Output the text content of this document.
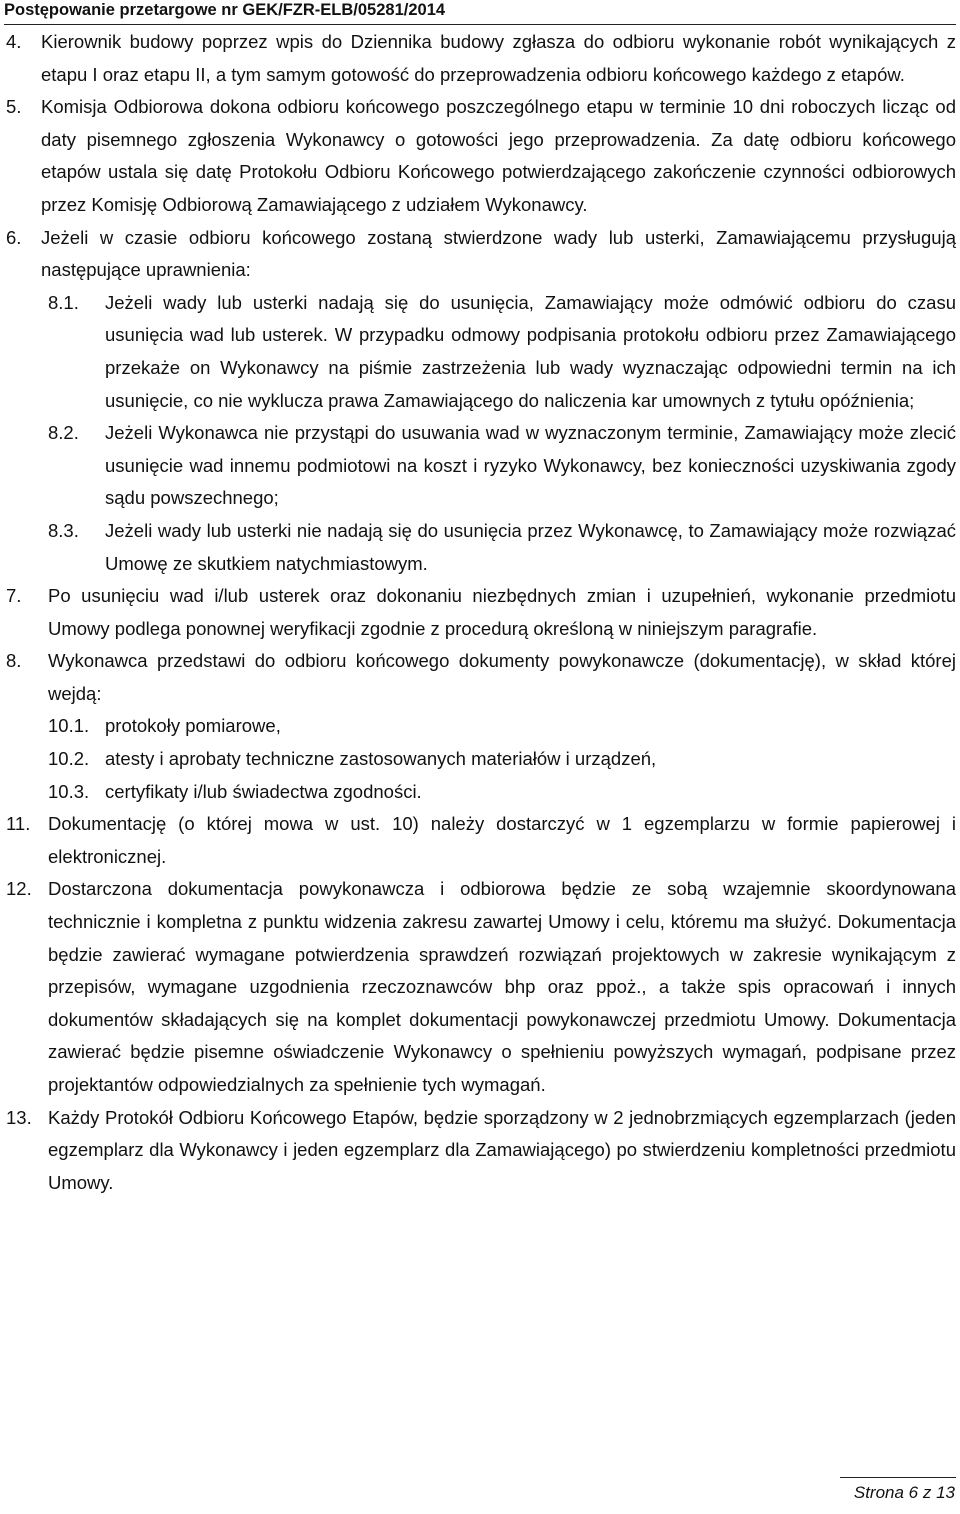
Postępowanie przetargowe nr GEK/FZR-ELB/05281/2014
4. Kierownik budowy poprzez wpis do Dziennika budowy zgłasza do odbioru wykonanie robót wynikających z etapu I oraz etapu II, a tym samym gotowość do przeprowadzenia odbioru końcowego każdego z etapów.
5. Komisja Odbiorowa dokona odbioru końcowego poszczególnego etapu w terminie 10 dni roboczych licząc od daty pisemnego zgłoszenia Wykonawcy o gotowości jego przeprowadzenia. Za datę odbioru końcowego etapów ustala się datę Protokołu Odbioru Końcowego potwierdzającego zakończenie czynności odbiorowych przez Komisję Odbiorową Zamawiającego z udziałem Wykonawcy.
6. Jeżeli w czasie odbioru końcowego zostaną stwierdzone wady lub usterki, Zamawiającemu przysługują następujące uprawnienia:
8.1. Jeżeli wady lub usterki nadają się do usunięcia, Zamawiający może odmówić odbioru do czasu usunięcia wad lub usterek. W przypadku odmowy podpisania protokołu odbioru przez Zamawiającego przekaże on Wykonawcy na piśmie zastrzeżenia lub wady wyznaczając odpowiedni termin na ich usunięcie, co nie wyklucza prawa Zamawiającego do naliczenia kar umownych z tytułu opóźnienia;
8.2. Jeżeli Wykonawca nie przystąpi do usuwania wad w wyznaczonym terminie, Zamawiający może zlecić usunięcie wad innemu podmiotowi na koszt i ryzyko Wykonawcy, bez konieczności uzyskiwania zgody sądu powszechnego;
8.3. Jeżeli wady lub usterki nie nadają się do usunięcia przez Wykonawcę, to Zamawiający może rozwiązać Umowę ze skutkiem natychmiastowym.
7. Po usunięciu wad i/lub usterek oraz dokonaniu niezbędnych zmian i uzupełnień, wykonanie przedmiotu Umowy podlega ponownej weryfikacji zgodnie z procedurą określoną w niniejszym paragrafie.
8. Wykonawca przedstawi do odbioru końcowego dokumenty powykonawcze (dokumentację), w skład której wejdą:
10.1. protokoły pomiarowe,
10.2. atesty i aprobaty techniczne zastosowanych materiałów i urządzeń,
10.3. certyfikaty i/lub świadectwa zgodności.
11. Dokumentację (o której mowa w ust. 10) należy dostarczyć w 1 egzemplarzu w formie papierowej i elektronicznej.
12. Dostarczona dokumentacja powykonawcza i odbiorowa będzie ze sobą wzajemnie skoordynowana technicznie i kompletna z punktu widzenia zakresu zawartej Umowy i celu, któremu ma służyć. Dokumentacja będzie zawierać wymagane potwierdzenia sprawdzeń rozwiązań projektowych w zakresie wynikającym z przepisów, wymagane uzgodnienia rzeczoznawców bhp oraz ppoż., a także spis opracowań i innych dokumentów składających się na komplet dokumentacji powykonawczej przedmiotu Umowy. Dokumentacja zawierać będzie pisemne oświadczenie Wykonawcy o spełnieniu powyższych wymagań, podpisane przez projektantów odpowiedzialnych za spełnienie tych wymagań.
13. Każdy Protokół Odbioru Końcowego Etapów, będzie sporządzony w 2 jednobrzmiących egzemplarzach (jeden egzemplarz dla Wykonawcy i jeden egzemplarz dla Zamawiającego) po stwierdzeniu kompletności przedmiotu Umowy.
Strona 6 z 13
